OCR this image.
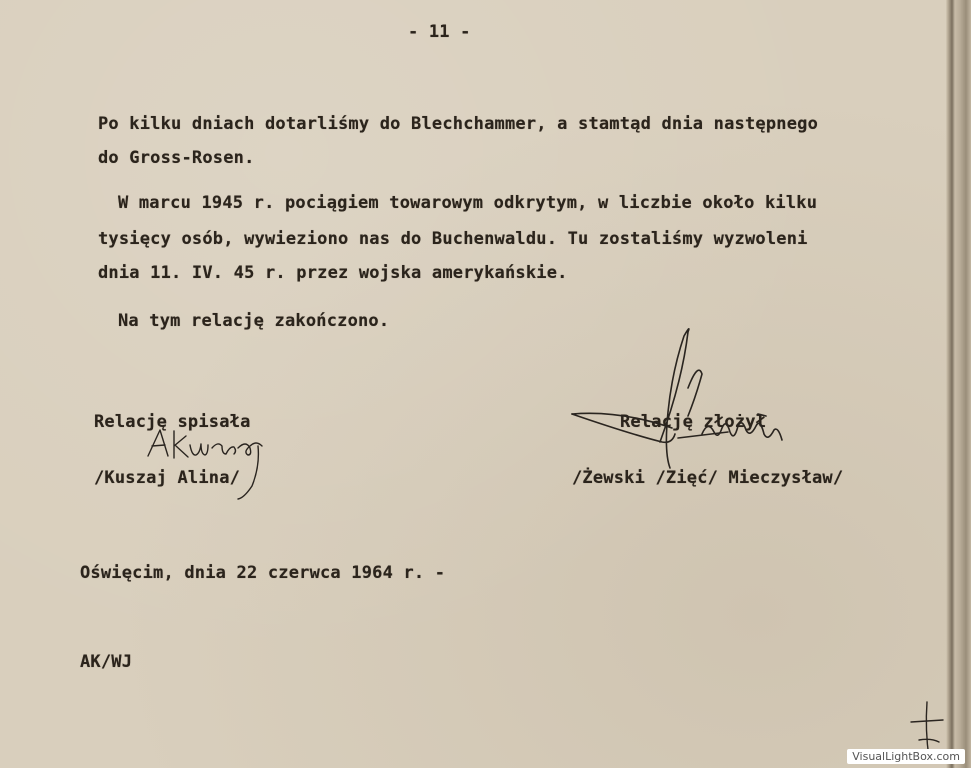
- 11 -

Po kilku dniach dotarliśmy do Blechchammer, a stamtąd dnia następnego

do Gross-Rosen.

W marcu 1945 r. pociągiem towarowym odkrytym, w liczbie około kilku

tysięcy osób, wywieziono nas do Buchenwaldu. Tu zostaliśmy wyzwoleni

dnia 11. IV. 45 r. przez wojska amerykańskie.

Na tym relację zakończono.

Relację spisała

/Kuszaj Alina/

Relację złożył

/Żewski /Zięć/ Mieczysław/

Oświęcim, dnia 22 czerwca 1964 r. -

AK/WJ

VisualLightBox.com
